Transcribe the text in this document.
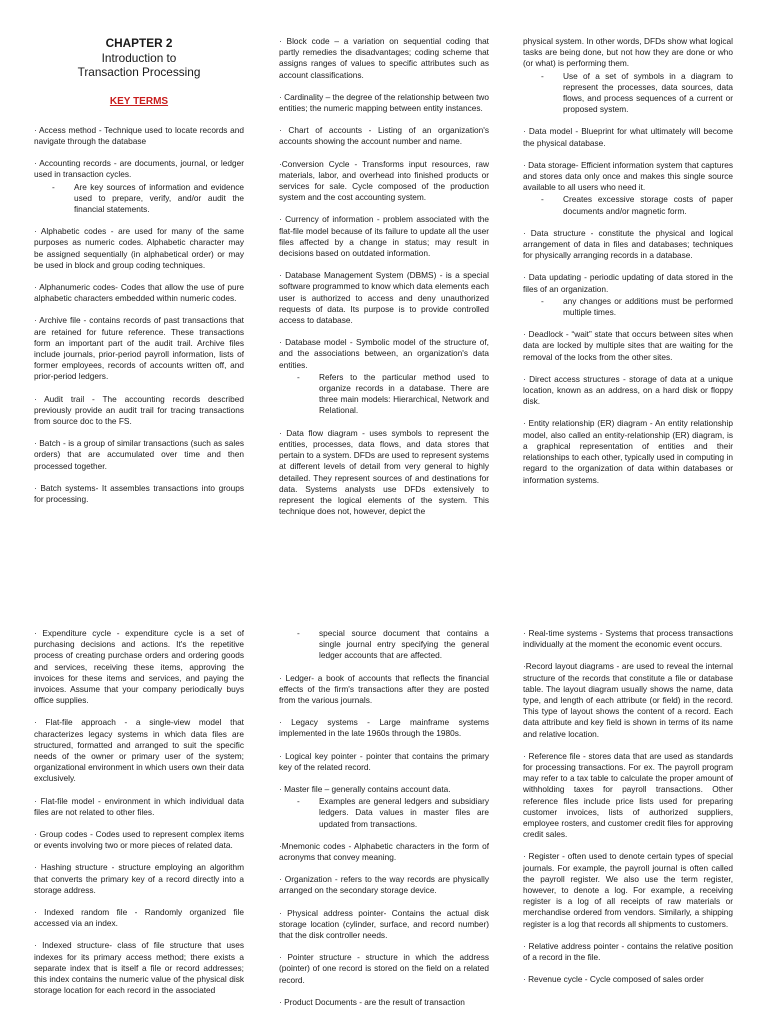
CHAPTER 2
Introduction to
Transaction Processing
KEY TERMS

· Access method - Technique used to locate records and navigate through the database

· Accounting records - are documents, journal, or ledger used in transaction cycles.

- Are key sources of information and evidence used to prepare, verify, and/or audit the financial statements.

· Alphabetic codes - are used for many of the same purposes as numeric codes. Alphabetic character may be assigned sequentially (in alphabetical order) or may be used in block and group coding techniques.

· Alphanumeric codes- Codes that allow the use of pure alphabetic characters embedded within numeric codes.

· Archive file - contains records of past transactions that are retained for future reference. These transactions form an important part of the audit trail. Archive files include journals, prior-period payroll information, lists of former employees, records of accounts written off, and prior-period ledgers.

· Audit trail - The accounting records described previously provide an audit trail for tracing transactions from source doc to the FS.

· Batch - is a group of similar transactions (such as sales orders) that are accumulated over time and then processed together.

· Batch systems- It assembles transactions into groups for processing.

· Block code – a variation on sequential coding that partly remedies the disadvantages; coding scheme that assigns ranges of values to specific attributes such as account classifications.

· Cardinality – the degree of the relationship between two entities; the numeric mapping between entity instances.

· Chart of accounts - Listing of an organization's accounts showing the account number and name.

·Conversion Cycle - Transforms input resources, raw materials, labor, and overhead into finished products or services for sale. Cycle composed of the production system and the cost accounting system.

· Currency of information - problem associated with the flat-file model because of its failure to update all the user files affected by a change in status; may result in decisions based on outdated information.

· Database Management System (DBMS) - is a special software programmed to know which data elements each user is authorized to access and deny unauthorized requests of data. Its purpose is to provide controlled access to database.

· Database model - Symbolic model of the structure of, and the associations between, an organization's data entities.

- Refers to the particular method used to organize records in a database. There are three main models: Hierarchical, Network and Relational.

· Data flow diagram - uses symbols to represent the entities, processes, data flows, and data stores that pertain to a system. DFDs are used to represent systems at different levels of detail from very general to highly detailed. They represent sources of and destinations for data. Systems analysts use DFDs extensively to represent the logical elements of the system. This technique does not, however, depict the

physical system. In other words, DFDs show what logical tasks are being done, but not how they are done or who (or what) is performing them.

- Use of a set of symbols in a diagram to represent the processes, data sources, data flows, and process sequences of a current or proposed system.

· Data model - Blueprint for what ultimately will become the physical database.

· Data storage- Efficient information system that captures and stores data only once and makes this single source available to all users who need it.

- Creates excessive storage costs of paper documents and/or magnetic form.

· Data structure - constitute the physical and logical arrangement of data in files and databases; techniques for physically arranging records in a database.

· Data updating - periodic updating of data stored in the files of an organization.

- any changes or additions must be performed multiple times.

· Deadlock - “wait” state that occurs between sites when data are locked by multiple sites that are waiting for the removal of the locks from the other sites.

· Direct access structures - storage of data at a unique location, known as an address, on a hard disk or floppy disk.

· Entity relationship (ER) diagram - An entity relationship model, also called an entity-relationship (ER) diagram, is a graphical representation of entities and their relationships to each other, typically used in computing in regard to the organization of data within databases or information systems.

· Expenditure cycle - expenditure cycle is a set of purchasing decisions and actions. It's the repetitive process of creating purchase orders and ordering goods and services, receiving these items, approving the invoices for these items and services, and paying the invoices. Assume that your company periodically buys office supplies.

· Flat-file approach - a single-view model that characterizes legacy systems in which data files are structured, formatted and arranged to suit the specific needs of the owner or primary user of the system; organizational environment in which users own their data exclusively.

· Flat-file model - environment in which individual data files are not related to other files.

· Group codes - Codes used to represent complex items or events involving two or more pieces of related data.

· Hashing structure - structure employing an algorithm that converts the primary key of a record directly into a storage address.

· Indexed random file - Randomly organized file accessed via an index.

· Indexed structure- class of file structure that uses indexes for its primary access method; there exists a separate index that is itself a file or record addresses; this index contains the numeric value of the physical disk storage location for each record in the associated

- special source document that contains a single journal entry specifying the general ledger accounts that are affected.

· Ledger- a book of accounts that reflects the financial effects of the firm's transactions after they are posted from the various journals.

· Legacy systems - Large mainframe systems implemented in the late 1960s through the 1980s.

· Logical key pointer - pointer that contains the primary key of the related record.

· Master file – generally contains account data.

- Examples are general ledgers and subsidiary ledgers. Data values in master files are updated from transactions.

·Mnemonic codes - Alphabetic characters in the form of acronyms that convey meaning.

· Organization - refers to the way records are physically arranged on the secondary storage device.

· Physical address pointer- Contains the actual disk storage location (cylinder, surface, and record number) that the disk controller needs.

· Pointer structure - structure in which the address (pointer) of one record is stored on the field on a related record.

· Product Documents - are the result of transaction

· Real-time systems - Systems that process transactions individually at the moment the economic event occurs.

·Record layout diagrams - are used to reveal the internal structure of the records that constitute a file or database table. The layout diagram usually shows the name, data type, and length of each attribute (or field) in the record. This type of layout shows the content of a record. Each data attribute and key field is shown in terms of its name and relative location.

· Reference file - stores data that are used as standards for processing transactions. For ex. The payroll program may refer to a tax table to calculate the proper amount of withholding taxes for payroll transactions. Other reference files include price lists used for preparing customer invoices, lists of authorized suppliers, employee rosters, and customer credit files for approving credit sales.

· Register - often used to denote certain types of special journals. For example, the payroll journal is often called the payroll register. We also use the term register, however, to denote a log. For example, a receiving register is a log of all receipts of raw materials or merchandise ordered from vendors. Similarly, a shipping register is a log that records all shipments to customers.

· Relative address pointer - contains the relative position of a record in the file.

· Revenue cycle - Cycle composed of sales order
